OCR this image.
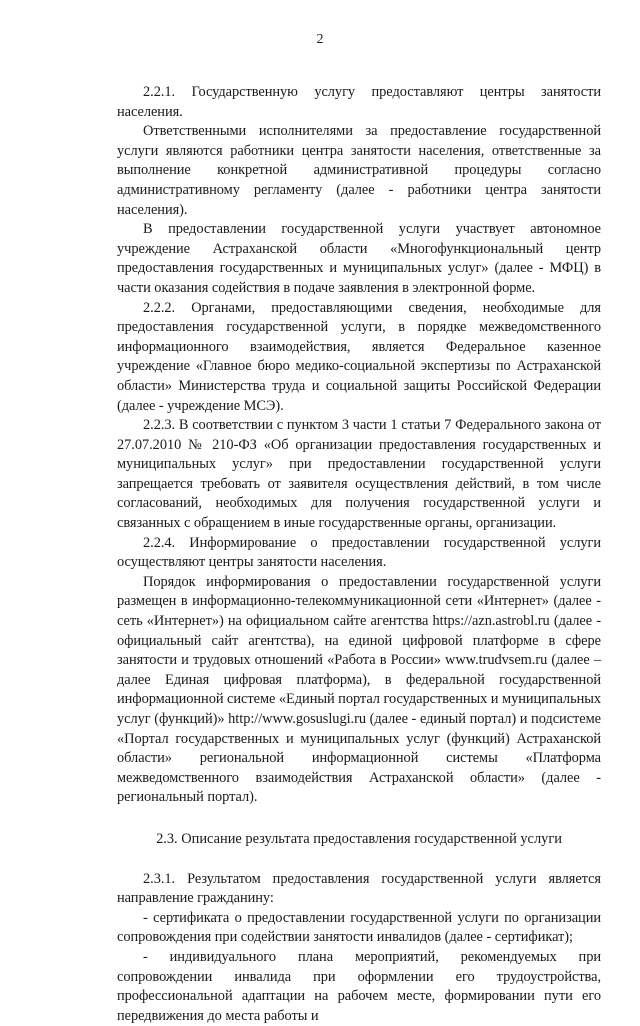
2

2.2.1. Государственную услугу предоставляют центры занятости населения.

Ответственными исполнителями за предоставление государственной услуги являются работники центра занятости населения, ответственные за выполнение конкретной административной процедуры согласно административному регламенту (далее - работники центра занятости населения).

В предоставлении государственной услуги участвует автономное учреждение Астраханской области «Многофункциональный центр предоставления государственных и муниципальных услуг» (далее - МФЦ) в части оказания содействия в подаче заявления в электронной форме.

2.2.2. Органами, предоставляющими сведения, необходимые для предоставления государственной услуги, в порядке межведомственного информационного взаимодействия, является Федеральное казенное учреждение «Главное бюро медико-социальной экспертизы по Астраханской области» Министерства труда и социальной защиты Российской Федерации (далее - учреждение МСЭ).

2.2.3. В соответствии с пунктом 3 части 1 статьи 7 Федерального закона от 27.07.2010 № 210-ФЗ «Об организации предоставления государственных и муниципальных услуг» при предоставлении государственной услуги запрещается требовать от заявителя осуществления действий, в том числе согласований, необходимых для получения государственной услуги и связанных с обращением в иные государственные органы, организации.

2.2.4. Информирование о предоставлении государственной услуги осуществляют центры занятости населения.

Порядок информирования о предоставлении государственной услуги размещен в информационно-телекоммуникационной сети «Интернет» (далее - сеть «Интернет») на официальном сайте агентства https://azn.astrobl.ru (далее - официальный сайт агентства), на единой цифровой платформе в сфере занятости и трудовых отношений «Работа в России» www.trudvsem.ru (далее – далее Единая цифровая платформа), в федеральной государственной информационной системе «Единый портал государственных и муниципальных услуг (функций)» http://www.gosuslugi.ru (далее - единый портал) и подсистеме «Портал государственных и муниципальных услуг (функций) Астраханской области» региональной информационной системы «Платформа межведомственного взаимодействия Астраханской области» (далее - региональный портал).

2.3. Описание результата предоставления государственной услуги

2.3.1. Результатом предоставления государственной услуги является направление гражданину:

- сертификата о предоставлении государственной услуги по организации сопровождения при содействии занятости инвалидов (далее - сертификат);

- индивидуального плана мероприятий, рекомендуемых при сопровождении инвалида при оформлении его трудоустройства, профессиональной адаптации на рабочем месте, формировании пути его передвижения до места работы и
